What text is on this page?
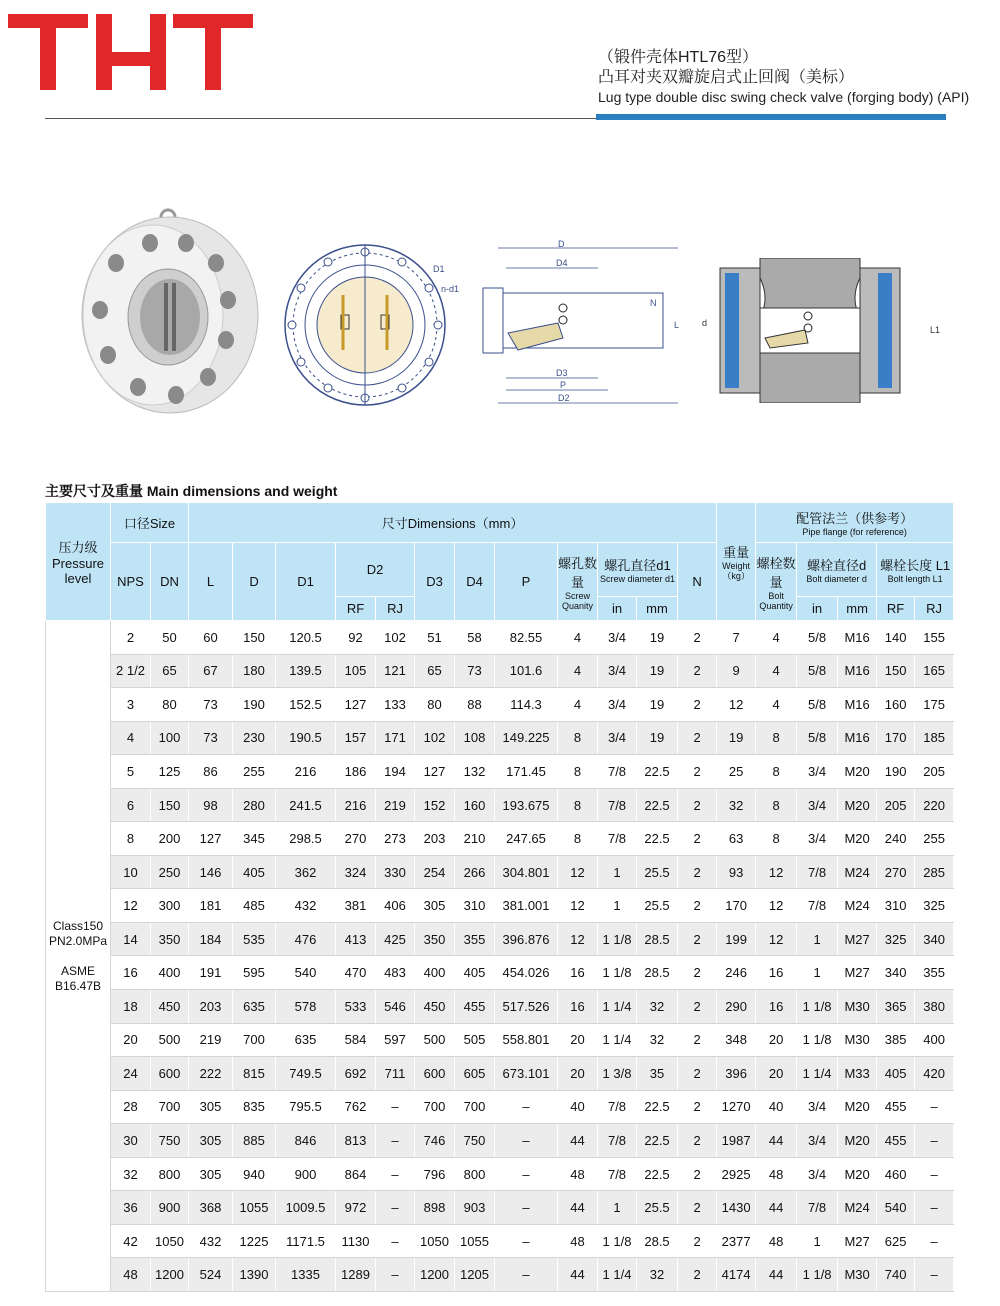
（锻件壳体HTL76型）
凸耳对夹双瓣旋启式止回阀（美标）
Lug type double disc swing check valve (forging body) (API)
D1
n-d1
D
D4
N
L
D3
P
D2
d
L1
主要尺寸及重量 Main dimensions and weight
压力级
Pressure level	口径Size		尺寸Dimensions（mm）												重量
Weight（kg）	配管法兰（供参考）
Pipe flange (for reference)				

	NPS	DN	L	D	D1	D2		D3	D4	P	螺孔数量
Screw Quanity	螺孔直径d1
Screw diameter d1		N		螺栓数量
Bolt Quantity	螺栓直径d
Bolt diameter d		螺栓长度 L1
Bolt length L1	

						RF	RJ					in	mm				in	mm	RF	RJ

Class150
PN2.0MPa

ASME
B16.47B	2	50	60	150	120.5	92	102	51	58	82.55	4	3/4	19	2	7	4	5/8	M16	140	155
	2 1/2	65	67	180	139.5	105	121	65	73	101.6	4	3/4	19	2	9	4	5/8	M16	150	165
	3	80	73	190	152.5	127	133	80	88	114.3	4	3/4	19	2	12	4	5/8	M16	160	175
	4	100	73	230	190.5	157	171	102	108	149.225	8	3/4	19	2	19	8	5/8	M16	170	185
	5	125	86	255	216	186	194	127	132	171.45	8	7/8	22.5	2	25	8	3/4	M20	190	205
	6	150	98	280	241.5	216	219	152	160	193.675	8	7/8	22.5	2	32	8	3/4	M20	205	220
	8	200	127	345	298.5	270	273	203	210	247.65	8	7/8	22.5	2	63	8	3/4	M20	240	255
	10	250	146	405	362	324	330	254	266	304.801	12	1	25.5	2	93	12	7/8	M24	270	285
	12	300	181	485	432	381	406	305	310	381.001	12	1	25.5	2	170	12	7/8	M24	310	325
	14	350	184	535	476	413	425	350	355	396.876	12	1 1/8	28.5	2	199	12	1	M27	325	340
	16	400	191	595	540	470	483	400	405	454.026	16	1 1/8	28.5	2	246	16	1	M27	340	355
	18	450	203	635	578	533	546	450	455	517.526	16	1 1/4	32	2	290	16	1 1/8	M30	365	380
	20	500	219	700	635	584	597	500	505	558.801	20	1 1/4	32	2	348	20	1 1/8	M30	385	400
	24	600	222	815	749.5	692	711	600	605	673.101	20	1 3/8	35	2	396	20	1 1/4	M33	405	420
	28	700	305	835	795.5	762	–	700	700	–	40	7/8	22.5	2	1270	40	3/4	M20	455	–
	30	750	305	885	846	813	–	746	750	–	44	7/8	22.5	2	1987	44	3/4	M20	455	–
	32	800	305	940	900	864	–	796	800	–	48	7/8	22.5	2	2925	48	3/4	M20	460	–
	36	900	368	1055	1009.5	972	–	898	903	–	44	1	25.5	2	1430	44	7/8	M24	540	–
	42	1050	432	1225	1171.5	1130	–	1050	1055	–	48	1 1/8	28.5	2	2377	48	1	M27	625	–
	48	1200	524	1390	1335	1289	–	1200	1205	–	44	1 1/4	32	2	4174	44	1 1/8	M30	740	–
